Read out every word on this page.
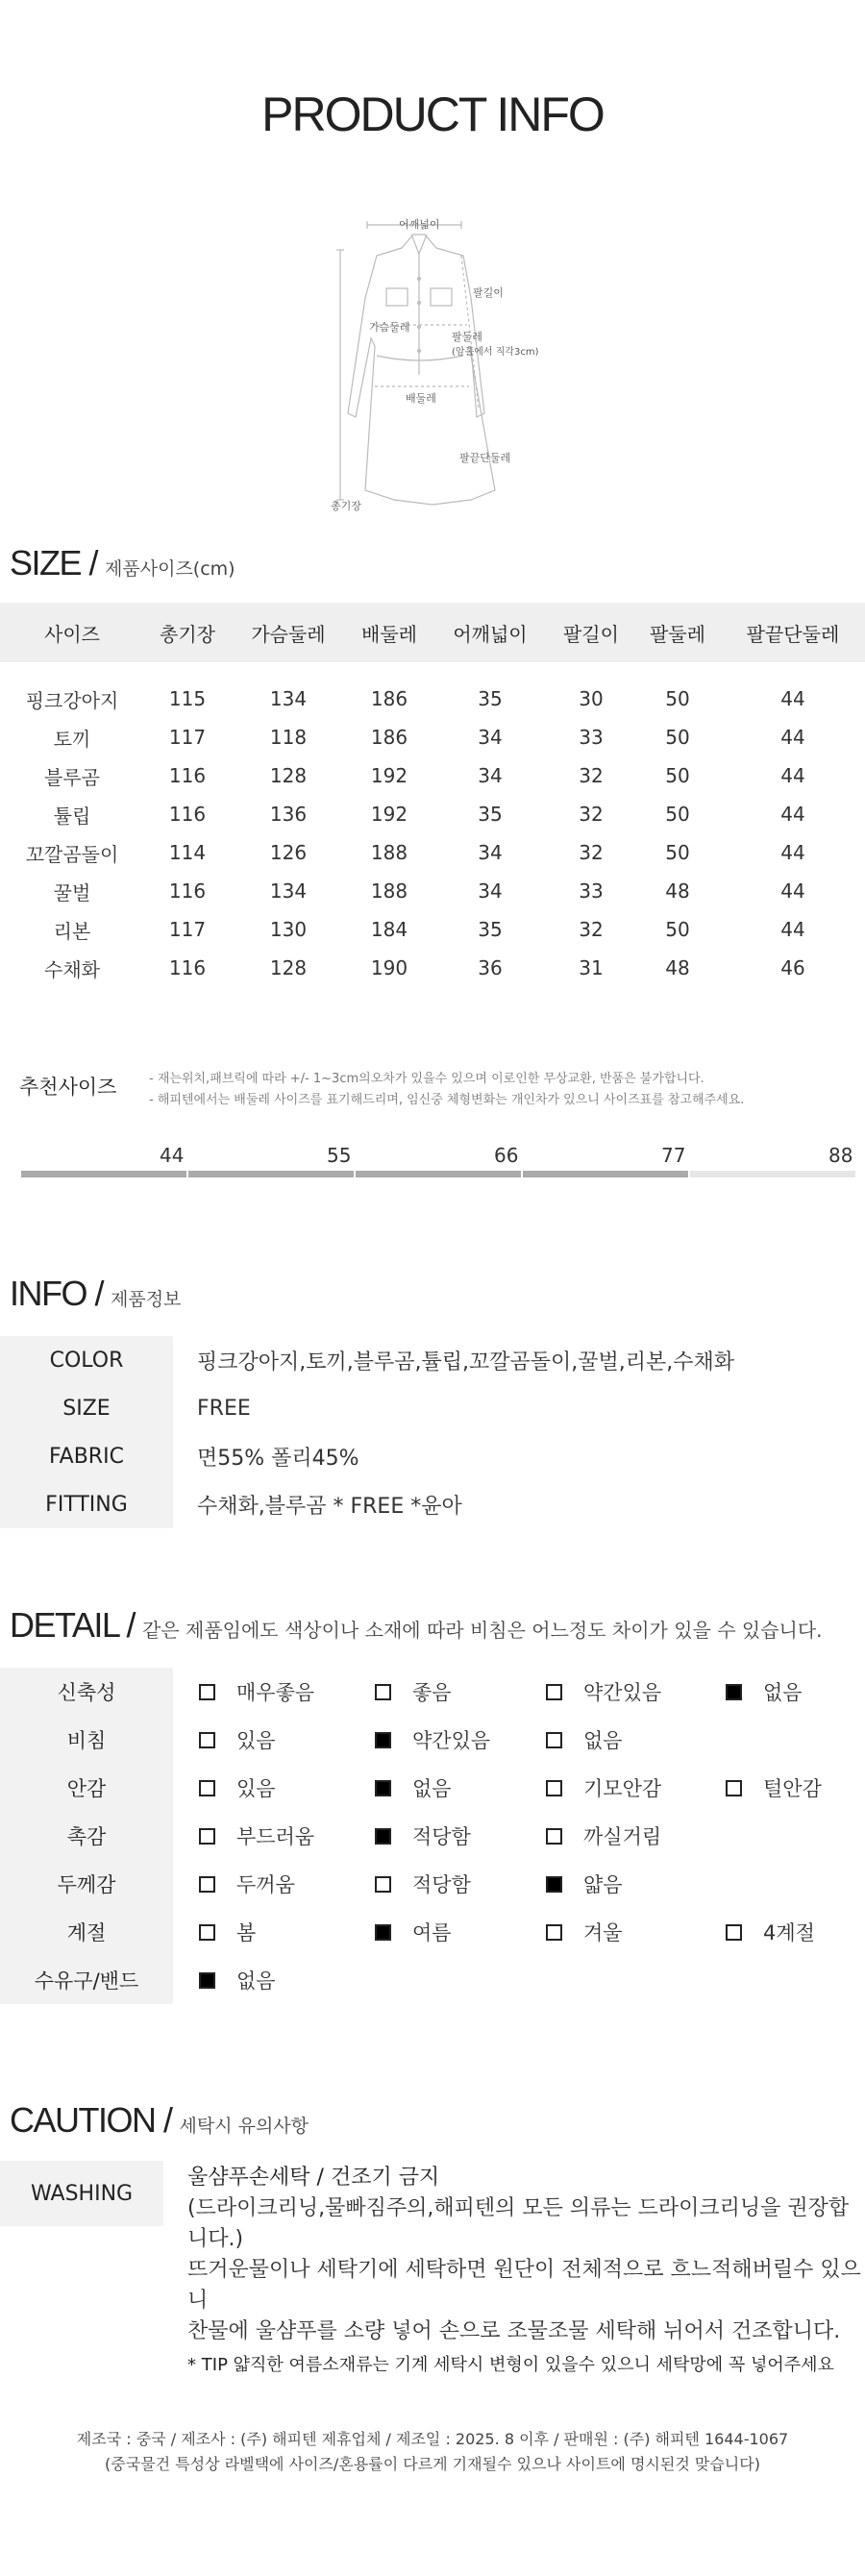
PRODUCT INFO
어깨넓이
팔길이
가슴둘레
팔둘레
(암홀에서 직각3cm)
배둘레
팔끝단둘레
총기장
SIZE / 제품사이즈(cm)
사이즈	총기장	가슴둘레	배둘레	어깨넓이	팔길이	팔둘레	팔끝단둘레
핑크강아지	115	134	186	35	30	50	44
토끼	117	118	186	34	33	50	44
블루곰	116	128	192	34	32	50	44
튤립	116	136	192	35	32	50	44
꼬깔곰돌이	114	126	188	34	32	50	44
꿀벌	116	134	188	34	33	48	44
리본	117	130	184	35	32	50	44
수채화	116	128	190	36	31	48	46
추천사이즈	- 재는위치,패브릭에 따라 +/- 1~3cm의오차가 있을수 있으며 이로인한 무상교환, 반품은 불가합니다.
- 해피텐에서는 배둘레 사이즈를 표기해드리며, 임신중 체형변화는 개인차가 있으니 사이즈표를 참고해주세요.
44	55	66	77	88
INFO / 제품정보
COLOR	핑크강아지,토끼,블루곰,튤립,꼬깔곰돌이,꿀벌,리본,수채화
SIZE	FREE
FABRIC	면55% 폴리45%
FITTING	수채화,블루곰 * FREE *윤아
DETAIL / 같은 제품임에도 색상이나 소재에 따라 비침은 어느정도 차이가 있을 수 있습니다.
신축성	매우좋음	좋음	약간있음	없음
비침	있음	약간있음	없음
안감	있음	없음	기모안감	털안감
촉감	부드러움	적당함	까실거림
두께감	두꺼움	적당함	얇음
계절	봄	여름	겨울	4계절
수유구/밴드	없음
CAUTION / 세탁시 유의사항
WASHING
울샴푸손세탁 / 건조기 금지
(드라이크리닝,물빠짐주의,해피텐의 모든 의류는 드라이크리닝을 권장합니다.)
뜨거운물이나 세탁기에 세탁하면 원단이 전체적으로 흐느적해버릴수 있으니
찬물에 울샴푸를 소량 넣어 손으로 조물조물 세탁해 뉘어서 건조합니다.
* TIP 얇직한 여름소재류는 기계 세탁시 변형이 있을수 있으니 세탁망에 꼭 넣어주세요
제조국 : 중국 / 제조사 : (주) 해피텐 제휴업체 / 제조일 : 2025. 8 이후 / 판매원 : (주) 해피텐 1644-1067
(중국물건 특성상 라벨택에 사이즈/혼용률이 다르게 기재될수 있으나 사이트에 명시된것 맞습니다)
